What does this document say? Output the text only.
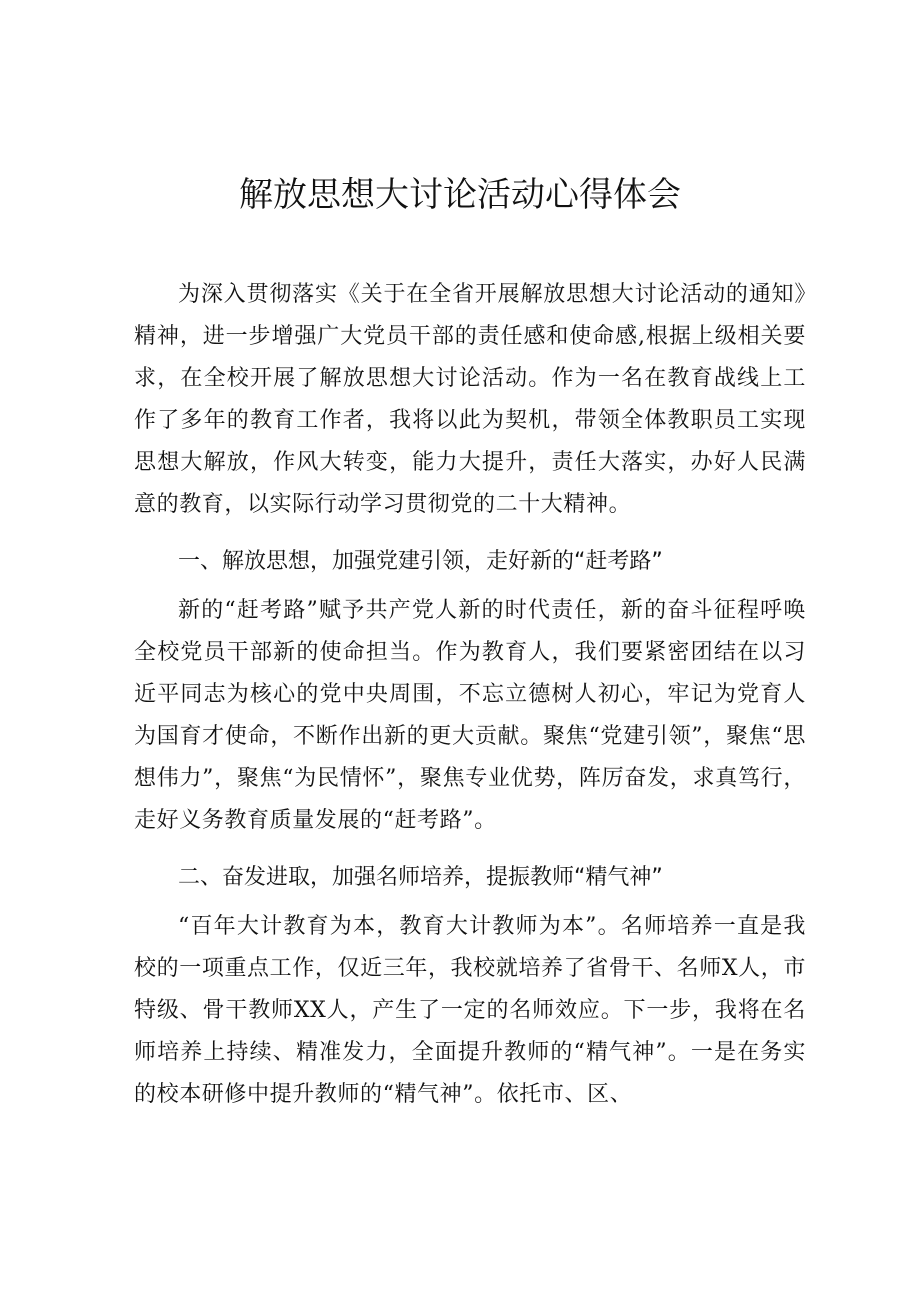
解放思想大讨论活动心得体会

为深入贯彻落实《关于在全省开展解放思想大讨论活动的通知》精神，进一步增强广大党员干部的责任感和使命感,根据上级相关要求，在全校开展了解放思想大讨论活动。作为一名在教育战线上工作了多年的教育工作者，我将以此为契机，带领全体教职员工实现思想大解放，作风大转变，能力大提升，责任大落实，办好人民满意的教育，以实际行动学习贯彻党的二十大精神。

一、解放思想，加强党建引领，走好新的“赶考路”

新的“赶考路”赋予共产党人新的时代责任，新的奋斗征程呼唤全校党员干部新的使命担当。作为教育人，我们要紧密团结在以习近平同志为核心的党中央周围，不忘立德树人初心，牢记为党育人为国育才使命，不断作出新的更大贡献。聚焦“党建引领”，聚焦“思想伟力”，聚焦“为民情怀”，聚焦专业优势，阵厉奋发，求真笃行，走好义务教育质量发展的“赶考路”。

二、奋发进取，加强名师培养，提振教师“精气神”

“百年大计教育为本，教育大计教师为本”。名师培养一直是我校的一项重点工作，仅近三年，我校就培养了省骨干、名师X人，市特级、骨干教师XX人，产生了一定的名师效应。下一步，我将在名师培养上持续、精准发力，全面提升教师的“精气神”。一是在务实的校本研修中提升教师的“精气神”。依托市、区、
